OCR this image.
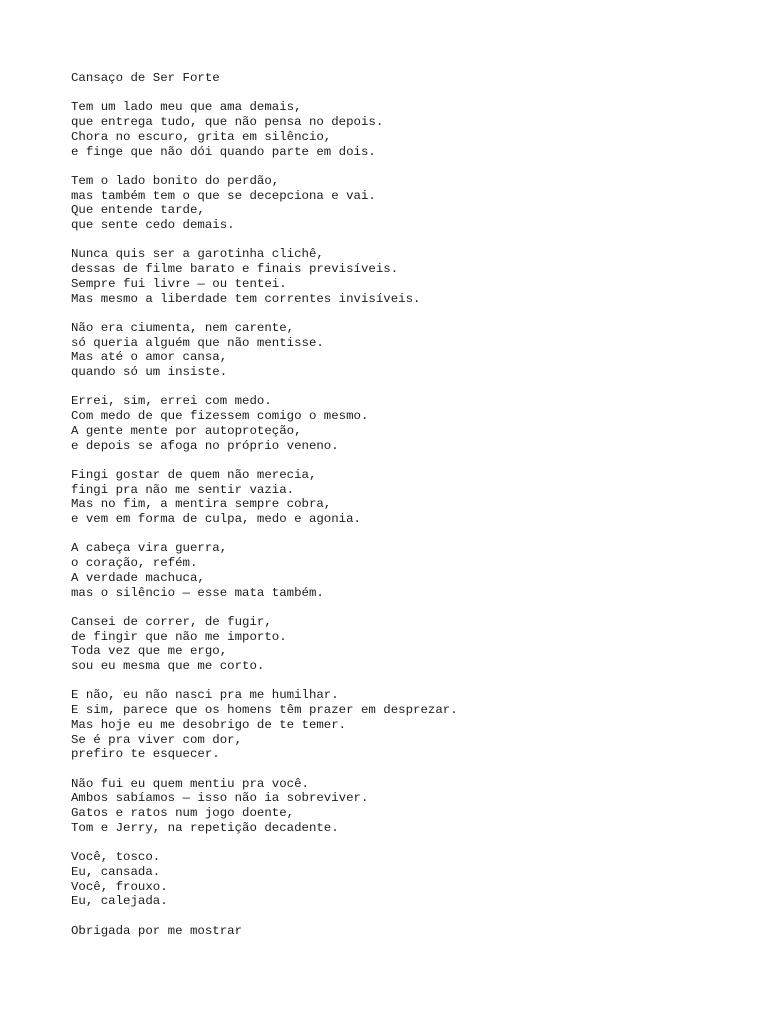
Cansaço de Ser Forte
Tem um lado meu que ama demais,
que entrega tudo, que não pensa no depois.
Chora no escuro, grita em silêncio,
e finge que não dói quando parte em dois.
Tem o lado bonito do perdão,
mas também tem o que se decepciona e vai.
Que entende tarde,
que sente cedo demais.
Nunca quis ser a garotinha clichê,
dessas de filme barato e finais previsíveis.
Sempre fui livre — ou tentei.
Mas mesmo a liberdade tem correntes invisíveis.
Não era ciumenta, nem carente,
só queria alguém que não mentisse.
Mas até o amor cansa,
quando só um insiste.
Errei, sim, errei com medo.
Com medo de que fizessem comigo o mesmo.
A gente mente por autoproteção,
e depois se afoga no próprio veneno.
Fingi gostar de quem não merecia,
fingi pra não me sentir vazia.
Mas no fim, a mentira sempre cobra,
e vem em forma de culpa, medo e agonia.
A cabeça vira guerra,
o coração, refém.
A verdade machuca,
mas o silêncio — esse mata também.
Cansei de correr, de fugir,
de fingir que não me importo.
Toda vez que me ergo,
sou eu mesma que me corto.
E não, eu não nasci pra me humilhar.
E sim, parece que os homens têm prazer em desprezar.
Mas hoje eu me desobrigo de te temer.
Se é pra viver com dor,
prefiro te esquecer.
Não fui eu quem mentiu pra você.
Ambos sabíamos — isso não ia sobreviver.
Gatos e ratos num jogo doente,
Tom e Jerry, na repetição decadente.
Você, tosco.
Eu, cansada.
Você, frouxo.
Eu, calejada.
Obrigada por me mostrar
